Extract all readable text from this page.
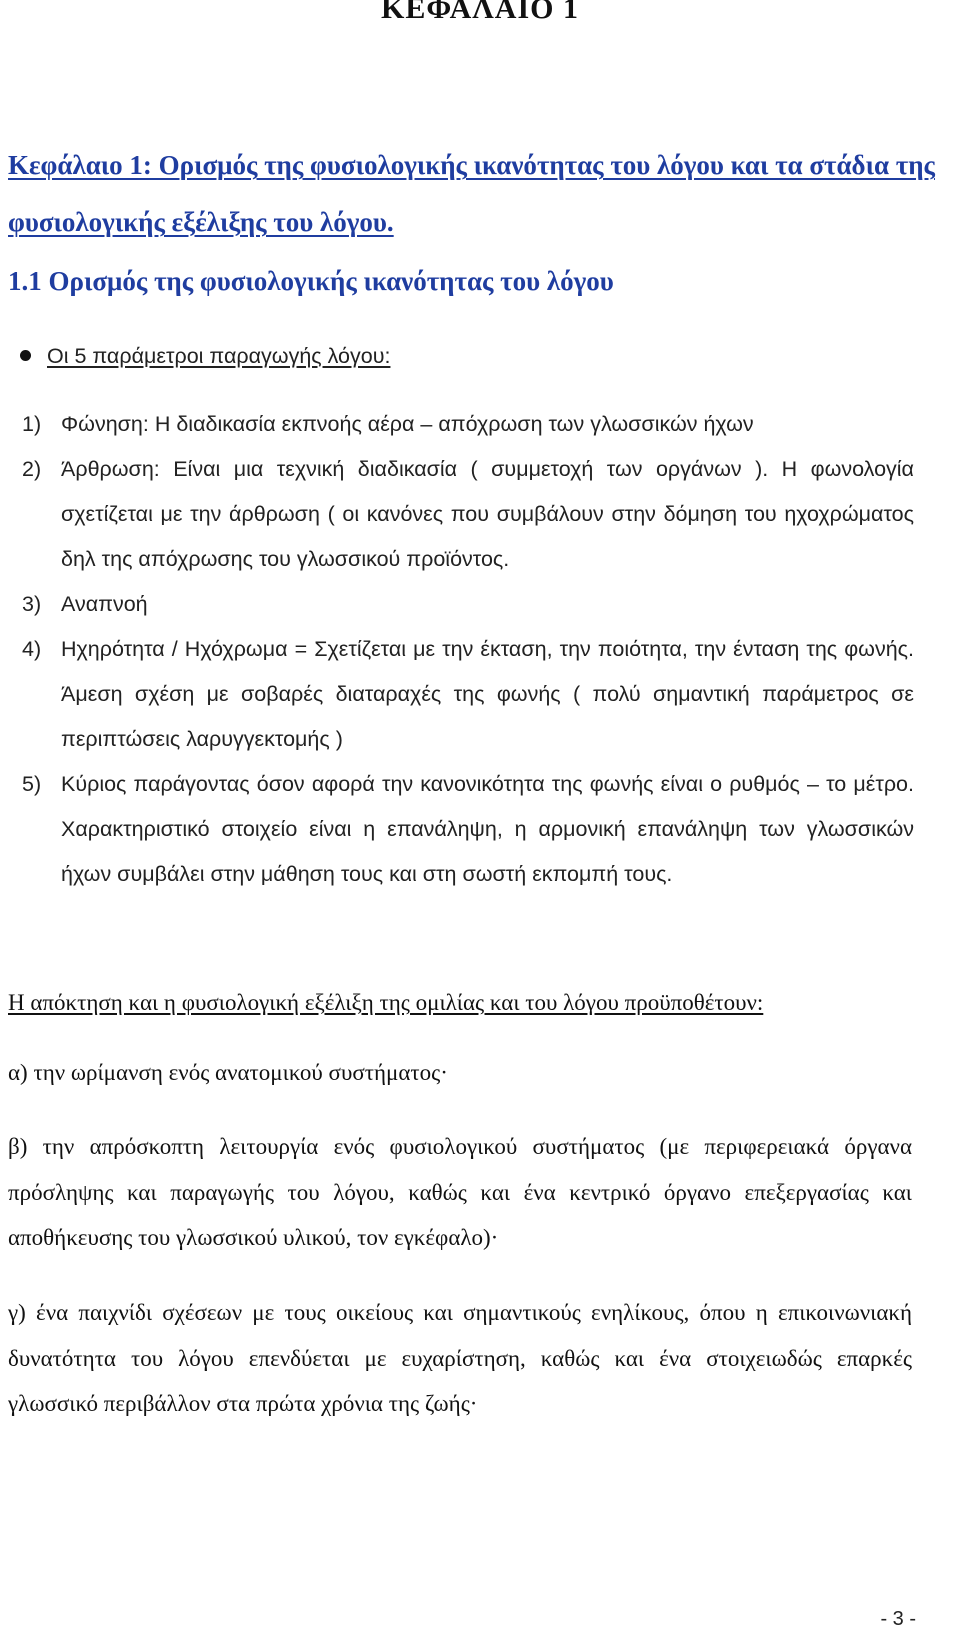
ΚΕΦΑΛΑΙΟ 1
Κεφάλαιο 1: Ορισμός της φυσιολογικής ικανότητας του λόγου και τα στάδια της φυσιολογικής εξέλιξης του λόγου.
1.1 Ορισμός της φυσιολογικής ικανότητας του λόγου
Οι 5 παράμετροι παραγωγής λόγου:
1) Φώνηση: Η διαδικασία εκπνοής αέρα – απόχρωση των γλωσσικών ήχων
2) Άρθρωση: Είναι μια τεχνική διαδικασία ( συμμετοχή των οργάνων ). Η φωνολογία σχετίζεται με την άρθρωση ( οι κανόνες που συμβάλουν στην δόμηση του ηχοχρώματος δηλ της απόχρωσης του γλωσσικού προϊόντος.
3) Αναπνοή
4) Ηχηρότητα / Ηχόχρωμα = Σχετίζεται με την έκταση, την ποιότητα, την ένταση της φωνής. Άμεση σχέση με σοβαρές διαταραχές της φωνής ( πολύ σημαντική παράμετρος σε περιπτώσεις λαρυγγεκτομής )
5) Κύριος παράγοντας όσον αφορά την κανονικότητα της φωνής είναι ο ρυθμός – το μέτρο. Χαρακτηριστικό στοιχείο είναι η επανάληψη, η αρμονική επανάληψη των γλωσσικών ήχων συμβάλει στην μάθηση τους και στη σωστή εκπομπή τους.

Η απόκτηση και η φυσιολογική εξέλιξη της ομιλίας και του λόγου προϋποθέτουν:

α) την ωρίμανση ενός ανατομικού συστήματος·

β) την απρόσκοπτη λειτουργία ενός φυσιολογικού συστήματος (με περιφερειακά όργανα πρόσληψης και παραγωγής του λόγου, καθώς και ένα κεντρικό όργανο επεξεργασίας και αποθήκευσης του γλωσσικού υλικού, τον εγκέφαλο)·

γ) ένα παιχνίδι σχέσεων με τους οικείους και σημαντικούς ενηλίκους, όπου η επικοινωνιακή δυνατότητα του λόγου επενδύεται με ευχαρίστηση, καθώς και ένα στοιχειωδώς επαρκές γλωσσικό περιβάλλον στα πρώτα χρόνια της ζωής·

- 3 -
